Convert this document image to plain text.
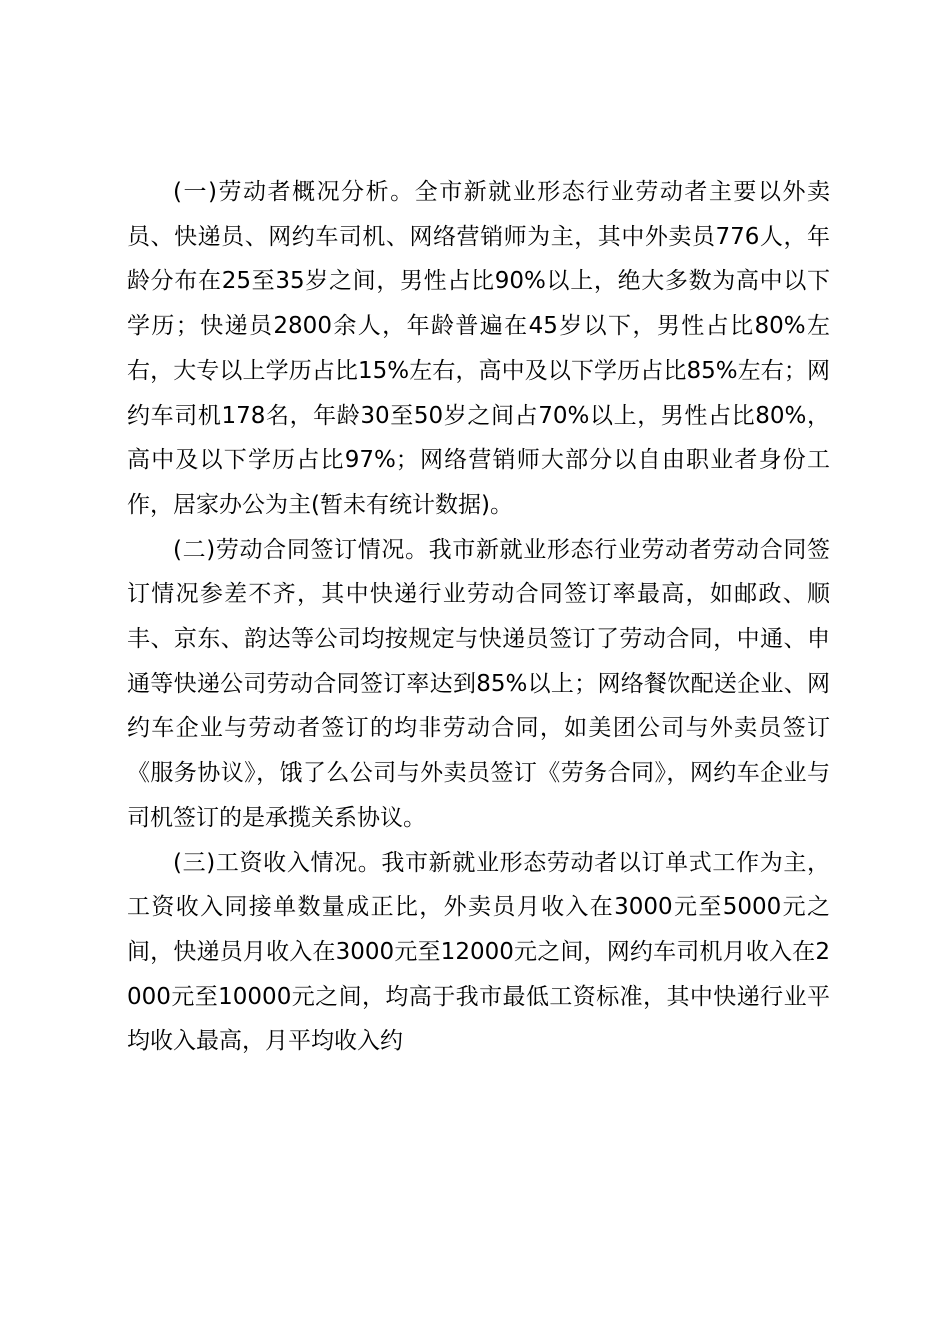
(一)劳动者概况分析。全市新就业形态行业劳动者主要以外卖员、快递员、网约车司机、网络营销师为主，其中外卖员776人，年龄分布在25至35岁之间，男性占比90%以上，绝大多数为高中以下学历；快递员2800余人，年龄普遍在45岁以下，男性占比80%左右，大专以上学历占比15%左右，高中及以下学历占比85%左右；网约车司机178名，年龄30至50岁之间占70%以上，男性占比80%，高中及以下学历占比97%；网络营销师大部分以自由职业者身份工作，居家办公为主(暂未有统计数据)。

(二)劳动合同签订情况。我市新就业形态行业劳动者劳动合同签订情况参差不齐，其中快递行业劳动合同签订率最高，如邮政、顺丰、京东、韵达等公司均按规定与快递员签订了劳动合同，中通、申通等快递公司劳动合同签订率达到85%以上；网络餐饮配送企业、网约车企业与劳动者签订的均非劳动合同，如美团公司与外卖员签订《服务协议》，饿了么公司与外卖员签订《劳务合同》，网约车企业与司机签订的是承揽关系协议。

(三)工资收入情况。我市新就业形态劳动者以订单式工作为主，工资收入同接单数量成正比，外卖员月收入在3000元至5000元之间，快递员月收入在3000元至12000元之间，网约车司机月收入在2000元至10000元之间，均高于我市最低工资标准，其中快递行业平均收入最高，月平均收入约
